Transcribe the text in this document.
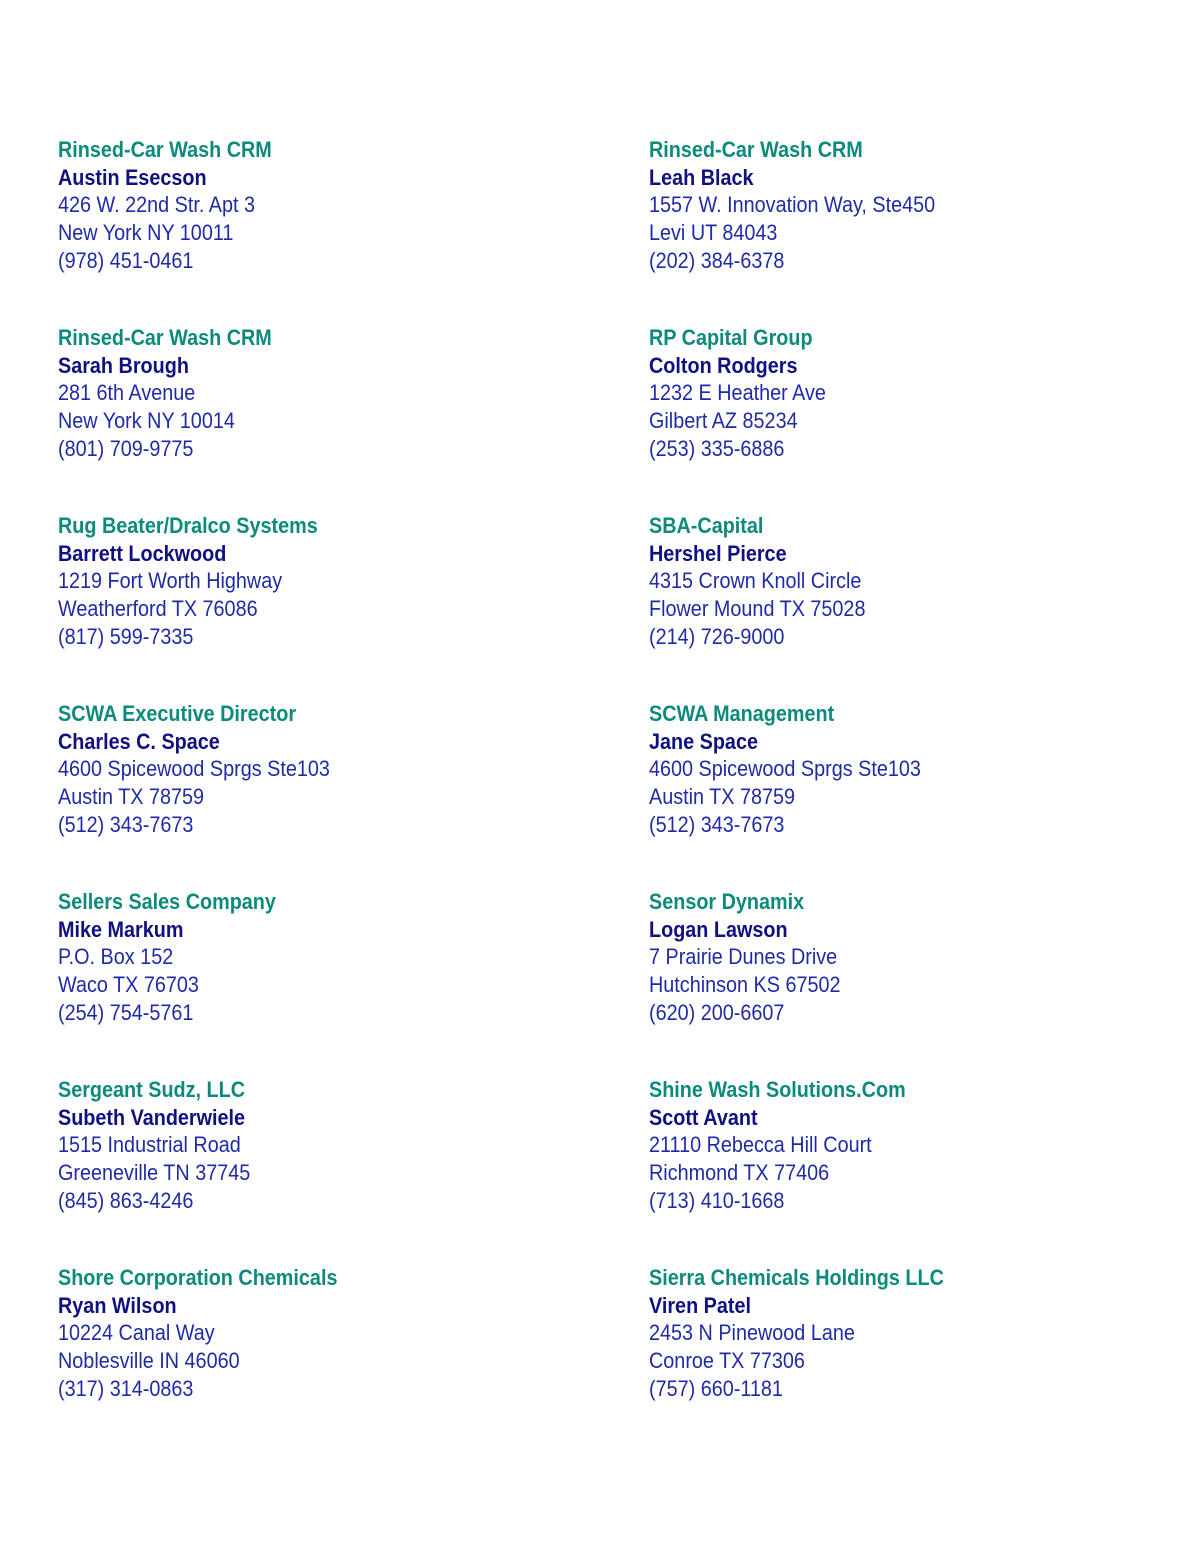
Rinsed-Car Wash CRM
Austin Esecson
426 W. 22nd Str. Apt 3
New York NY 10011
(978) 451-0461
Rinsed-Car Wash CRM
Leah Black
1557 W. Innovation Way, Ste450
Levi UT 84043
(202) 384-6378
Rinsed-Car Wash CRM
Sarah Brough
281 6th Avenue
New York NY 10014
(801) 709-9775
RP Capital Group
Colton Rodgers
1232 E Heather Ave
Gilbert AZ 85234
(253) 335-6886
Rug Beater/Dralco Systems
Barrett Lockwood
1219 Fort Worth Highway
Weatherford TX 76086
(817) 599-7335
SBA-Capital
Hershel Pierce
4315 Crown Knoll Circle
Flower Mound TX 75028
(214) 726-9000
SCWA Executive Director
Charles C. Space
4600 Spicewood Sprgs Ste103
Austin TX 78759
(512) 343-7673
SCWA Management
Jane Space
4600 Spicewood Sprgs Ste103
Austin TX 78759
(512) 343-7673
Sellers Sales Company
Mike Markum
P.O. Box 152
Waco TX 76703
(254) 754-5761
Sensor Dynamix
Logan Lawson
7 Prairie Dunes Drive
Hutchinson KS 67502
(620) 200-6607
Sergeant Sudz, LLC
Subeth Vanderwiele
1515 Industrial Road
Greeneville TN 37745
(845) 863-4246
Shine Wash Solutions.Com
Scott Avant
21110 Rebecca Hill Court
Richmond TX 77406
(713) 410-1668
Shore Corporation Chemicals
Ryan Wilson
10224 Canal Way
Noblesville IN 46060
(317) 314-0863
Sierra Chemicals Holdings LLC
Viren Patel
2453 N Pinewood Lane
Conroe TX 77306
(757) 660-1181
